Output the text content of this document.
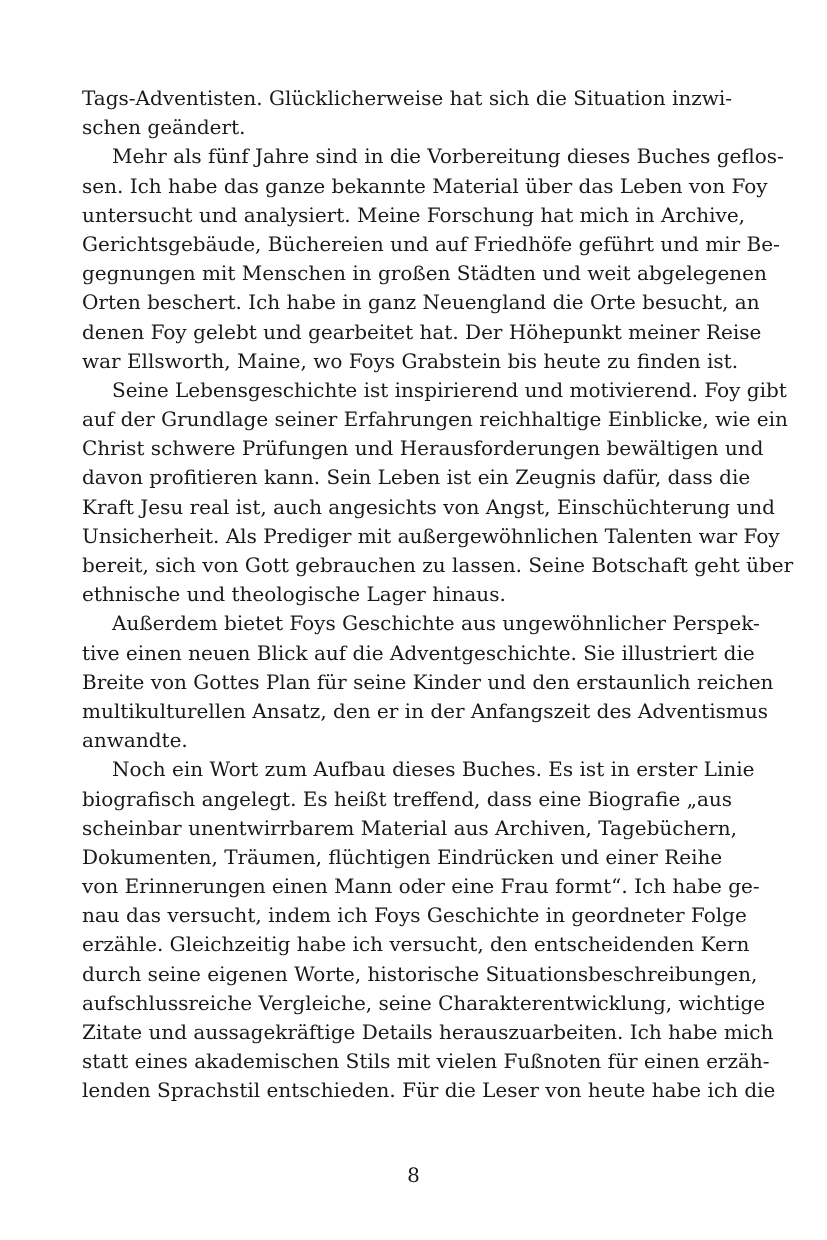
Tags-Adventisten. Glücklicherweise hat sich die Situation inzwi-
schen geändert.
Mehr als fünf Jahre sind in die Vorbereitung dieses Buches geflos-
sen. Ich habe das ganze bekannte Material über das Leben von Foy
untersucht und analysiert. Meine Forschung hat mich in Archive,
Gerichtsgebäude, Büchereien und auf Friedhöfe geführt und mir Be-
gegnungen mit Menschen in großen Städten und weit abgelegenen
Orten beschert. Ich habe in ganz Neuengland die Orte besucht, an
denen Foy gelebt und gearbeitet hat. Der Höhepunkt meiner Reise
war Ellsworth, Maine, wo Foys Grabstein bis heute zu finden ist.
Seine Lebensgeschichte ist inspirierend und motivierend. Foy gibt
auf der Grundlage seiner Erfahrungen reichhaltige Einblicke, wie ein
Christ schwere Prüfungen und Herausforderungen bewältigen und
davon profitieren kann. Sein Leben ist ein Zeugnis dafür, dass die
Kraft Jesu real ist, auch angesichts von Angst, Einschüchterung und
Unsicherheit. Als Prediger mit außergewöhnlichen Talenten war Foy
bereit, sich von Gott gebrauchen zu lassen. Seine Botschaft geht über
ethnische und theologische Lager hinaus.
Außerdem bietet Foys Geschichte aus ungewöhnlicher Perspek-
tive einen neuen Blick auf die Adventgeschichte. Sie illustriert die
Breite von Gottes Plan für seine Kinder und den erstaunlich reichen
multikulturellen Ansatz, den er in der Anfangszeit des Adventismus
anwandte.
Noch ein Wort zum Aufbau dieses Buches. Es ist in erster Linie
biografisch angelegt. Es heißt treffend, dass eine Biografie „aus
scheinbar unentwirrbarem Material aus Archiven, Tagebüchern,
Dokumenten, Träumen, flüchtigen Eindrücken und einer Reihe
von Erinnerungen einen Mann oder eine Frau formt“. Ich habe ge-
nau das versucht, indem ich Foys Geschichte in geordneter Folge
erzähle. Gleichzeitig habe ich versucht, den entscheidenden Kern
durch seine eigenen Worte, historische Situationsbeschreibungen,
aufschlussreiche Vergleiche, seine Charakterentwicklung, wichtige
Zitate und aussagekräftige Details herauszuarbeiten. Ich habe mich
statt eines akademischen Stils mit vielen Fußnoten für einen erzäh-
lenden Sprachstil entschieden. Für die Leser von heute habe ich die
8
